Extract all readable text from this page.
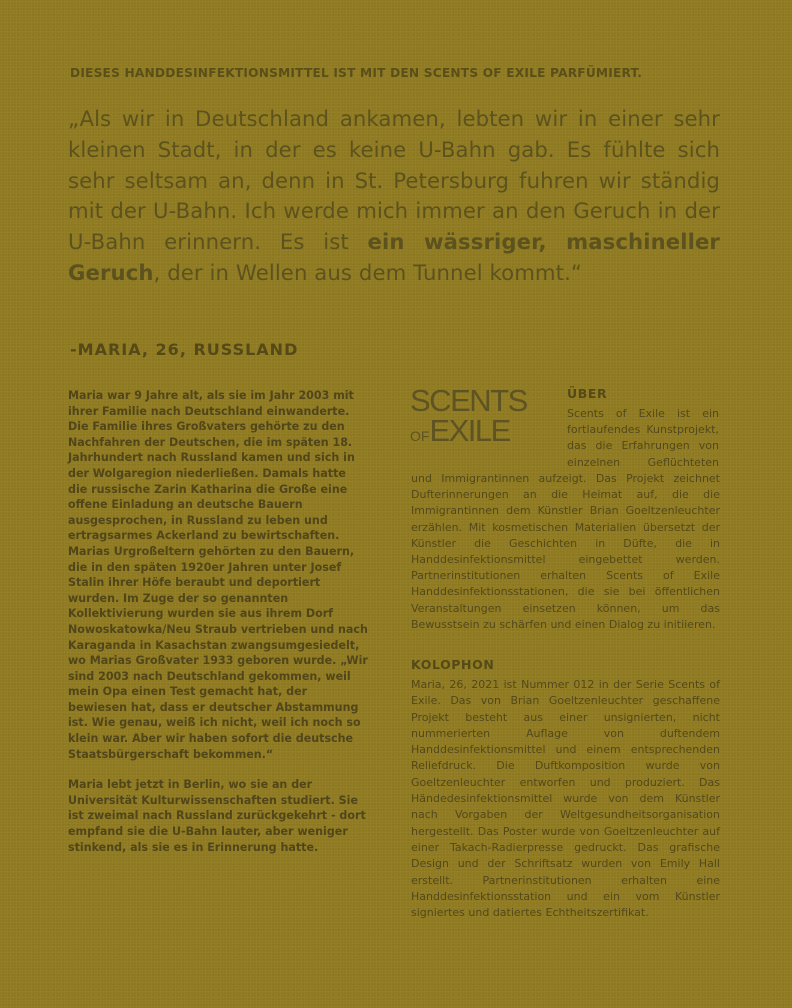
DIESES HANDDESINFEKTIONSMITTEL IST MIT DEN SCENTS OF EXILE PARFÜMIERT.
„Als wir in Deutschland ankamen, lebten wir in einer sehr kleinen Stadt, in der es keine U-Bahn gab. Es fühlte sich sehr seltsam an, denn in St. Petersburg fuhren wir ständig mit der U-Bahn. Ich werde mich immer an den Geruch in der U-Bahn erinnern. Es ist ein wässriger, maschineller Geruch, der in Wellen aus dem Tunnel kommt.“
-MARIA, 26, RUSSLAND

Maria war 9 Jahre alt, als sie im Jahr 2003 mit ihrer Familie nach Deutschland einwanderte. Die Familie ihres Großvaters gehörte zu den Nachfahren der Deutschen, die im späten 18. Jahrhundert nach Russland kamen und sich in der Wolgaregion niederließen. Damals hatte die russische Zarin Katharina die Große eine offene Einladung an deutsche Bauern ausgesprochen, in Russland zu leben und ertragsarmes Ackerland zu bewirtschaften. Marias Urgroßeltern gehörten zu den Bauern, die in den späten 1920er Jahren unter Josef Stalin ihrer Höfe beraubt und deportiert wurden. Im Zuge der so genannten Kollektivierung wurden sie aus ihrem Dorf Nowoskatowka/Neu Straub vertrieben und nach Karaganda in Kasachstan zwangsumgesiedelt, wo Marias Großvater 1933 geboren wurde. „Wir sind 2003 nach Deutschland gekommen, weil mein Opa einen Test gemacht hat, der bewiesen hat, dass er deutscher Abstammung ist. Wie genau, weiß ich nicht, weil ich noch so klein war. Aber wir haben sofort die deutsche Staatsbürgerschaft bekommen.“

Maria lebt jetzt in Berlin, wo sie an der Universität Kulturwissenschaften studiert. Sie ist zweimal nach Russland zurückgekehrt - dort empfand sie die U-Bahn lauter, aber weniger stinkend, als sie es in Erinnerung hatte.

SCENTS
OFEXILE
ÜBER
Scents of Exile ist ein fortlaufendes Kunstprojekt, das die Erfahrungen von einzelnen Geflüchteten
und Immigrantinnen aufzeigt. Das Projekt zeichnet Dufterinnerungen an die Heimat auf, die die Immigrantinnen dem Künstler Brian Goeltzenleuchter erzählen. Mit kosmetischen Materialien übersetzt der Künstler die Geschichten in Düfte, die in Handdesinfektionsmittel eingebettet werden. Partnerinstitutionen erhalten Scents of Exile Handdesinfektionsstationen, die sie bei öffentlichen Veranstaltungen einsetzen können, um das Bewusstsein zu schärfen und einen Dialog zu initiieren.
KOLOPHON
Maria, 26, 2021 ist Nummer 012 in der Serie Scents of Exile. Das von Brian Goeltzenleuchter geschaffene Projekt besteht aus einer unsignierten, nicht nummerierten Auflage von duftendem Handdesinfektionsmittel und einem entsprechenden Reliefdruck. Die Duftkomposition wurde von Goeltzenleuchter entworfen und produziert. Das Händedesinfektionsmittel wurde von dem Künstler nach Vorgaben der Weltgesundheitsorganisation hergestellt. Das Poster wurde von Goeltzenleuchter auf einer Takach-Radierpresse gedruckt. Das grafische Design und der Schriftsatz wurden von Emily Hall erstellt. Partnerinstitutionen erhalten eine Handdesinfektionsstation und ein vom Künstler signiertes und datiertes Echtheitszertifikat.
